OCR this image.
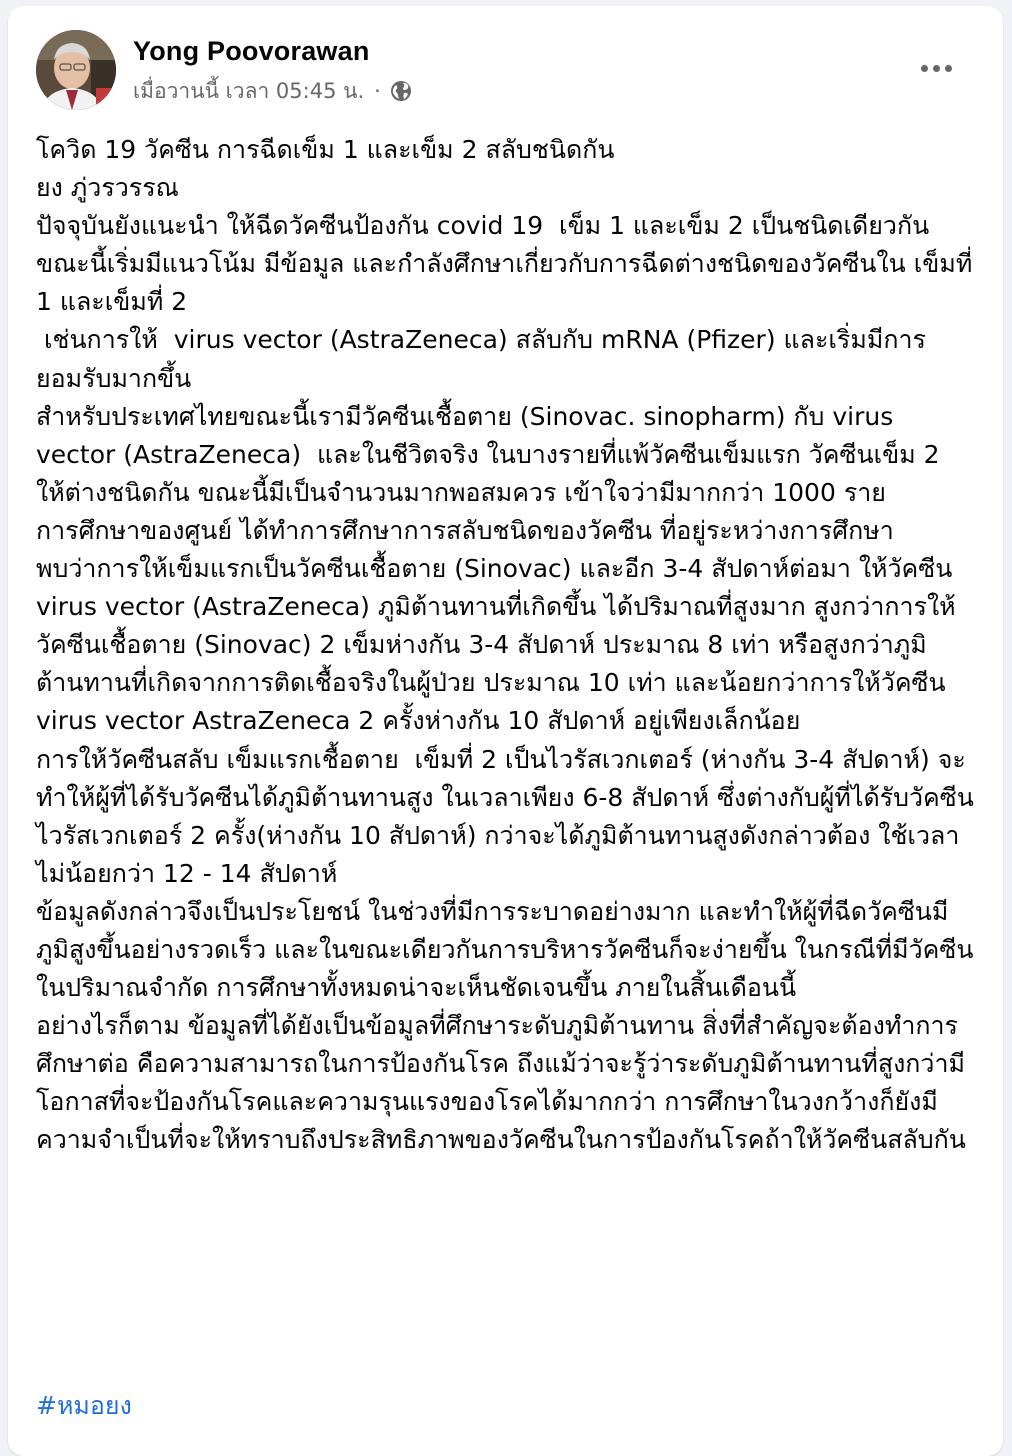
Yong Poovorawan
เมื่อวานนี้ เวลา 05:45 น. ·

โควิด 19 วัคซีน การฉีดเข็ม 1 และเข็ม 2 สลับชนิดกัน

ยง ภู่วรวรรณ

ปัจจุบันยังแนะนำ ให้ฉีดวัคซีนป้องกัน covid 19  เข็ม 1 และเข็ม 2 เป็นชนิดเดียวกัน

ขณะนี้เริ่มมีแนวโน้ม มีข้อมูล และกำลังศึกษาเกี่ยวกับการฉีดต่างชนิดของวัคซีนใน เข็มที่ 1 และเข็มที่ 2

เช่นการให้  virus vector (AstraZeneca) สลับกับ mRNA (Pfizer) และเริ่มมีการยอมรับมากขึ้น

สำหรับประเทศไทยขณะนี้เรามีวัคซีนเชื้อตาย (Sinovac. sinopharm) กับ virus vector (AstraZeneca)  และในชีวิตจริง ในบางรายที่แพ้วัคซีนเข็มแรก วัคซีนเข็ม 2 ให้ต่างชนิดกัน ขณะนี้มีเป็นจำนวนมากพอสมควร เข้าใจว่ามีมากกว่า 1000 ราย

การศึกษาของศูนย์ ได้ทำการศึกษาการสลับชนิดของวัคซีน ที่อยู่ระหว่างการศึกษา

พบว่าการให้เข็มแรกเป็นวัคซีนเชื้อตาย (Sinovac) และอีก 3-4 สัปดาห์ต่อมา ให้วัคซีน virus vector (AstraZeneca) ภูมิต้านทานที่เกิดขึ้น ได้ปริมาณที่สูงมาก สูงกว่าการให้วัคซีนเชื้อตาย (Sinovac) 2 เข็มห่างกัน 3-4 สัปดาห์ ประมาณ 8 เท่า หรือสูงกว่าภูมิต้านทานที่เกิดจากการติดเชื้อจริงในผู้ป่วย ประมาณ 10 เท่า และน้อยกว่าการให้วัคซีน virus vector AstraZeneca 2 ครั้งห่างกัน 10 สัปดาห์ อยู่เพียงเล็กน้อย

การให้วัคซีนสลับ เข็มแรกเชื้อตาย  เข็มที่ 2 เป็นไวรัสเวกเตอร์ (ห่างกัน 3-4 สัปดาห์) จะทำให้ผู้ที่ได้รับวัคซีนได้ภูมิต้านทานสูง ในเวลาเพียง 6-8 สัปดาห์ ซึ่งต่างกับผู้ที่ได้รับวัคซีนไวรัสเวกเตอร์ 2 ครั้ง(ห่างกัน 10 สัปดาห์) กว่าจะได้ภูมิต้านทานสูงดังกล่าวต้อง ใช้เวลาไม่น้อยกว่า 12 - 14 สัปดาห์

ข้อมูลดังกล่าวจึงเป็นประโยชน์ ในช่วงที่มีการระบาดอย่างมาก และทำให้ผู้ที่ฉีดวัคซีนมีภูมิสูงขึ้นอย่างรวดเร็ว และในขณะเดียวกันการบริหารวัคซีนก็จะง่ายขึ้น ในกรณีที่มีวัคซีน ในปริมาณจำกัด การศึกษาทั้งหมดน่าจะเห็นชัดเจนขึ้น ภายในสิ้นเดือนนี้

อย่างไรก็ตาม ข้อมูลที่ได้ยังเป็นข้อมูลที่ศึกษาระดับภูมิต้านทาน สิ่งที่สำคัญจะต้องทำการศึกษาต่อ คือความสามารถในการป้องกันโรค ถึงแม้ว่าจะรู้ว่าระดับภูมิต้านทานที่สูงกว่ามีโอกาสที่จะป้องกันโรคและความรุนแรงของโรคได้มากกว่า การศึกษาในวงกว้างก็ยังมีความจำเป็นที่จะให้ทราบถึงประสิทธิภาพของวัคซีนในการป้องกันโรคถ้าให้วัคซีนสลับกัน

#หมอยง
